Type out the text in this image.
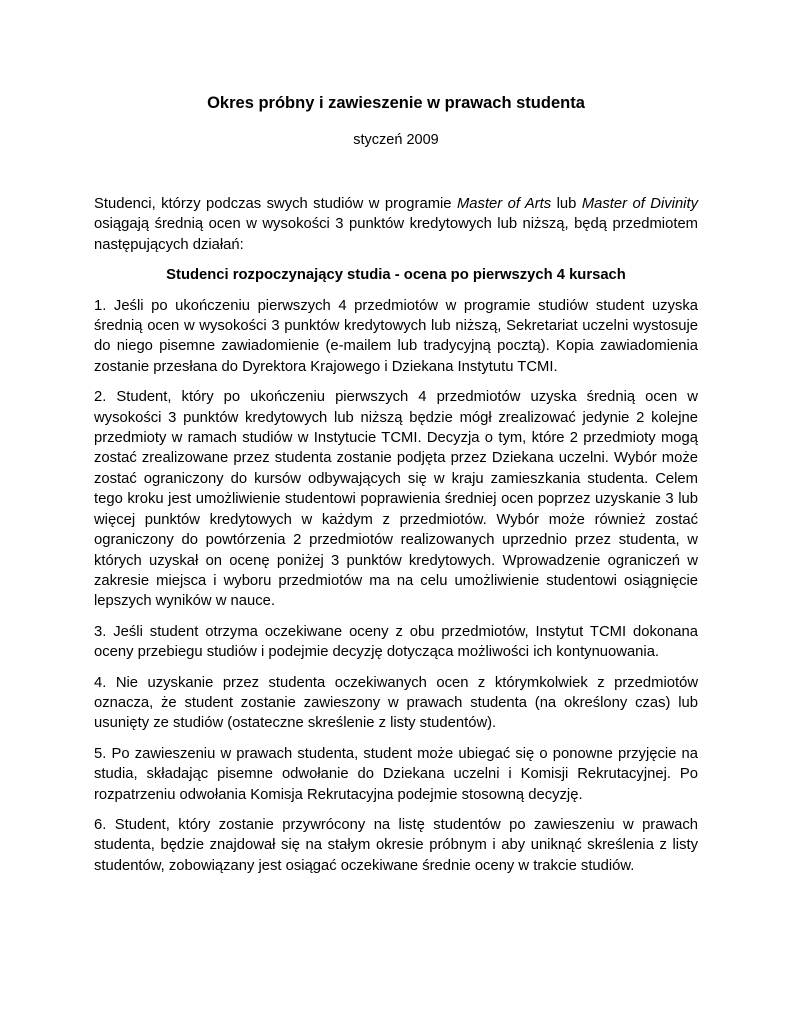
Okres próbny i zawieszenie w prawach studenta
styczeń 2009

Studenci, którzy podczas swych studiów w programie Master of Arts lub Master of Divinity osiągają średnią ocen w wysokości 3 punktów kredytowych lub niższą, będą przedmiotem następujących działań:

Studenci rozpoczynający studia - ocena po pierwszych 4 kursach

1. Jeśli po ukończeniu pierwszych 4 przedmiotów w programie studiów student uzyska średnią ocen w wysokości 3 punktów kredytowych lub niższą, Sekretariat uczelni wystosuje do niego pisemne zawiadomienie (e-mailem lub tradycyjną pocztą). Kopia zawiadomienia zostanie przesłana do Dyrektora Krajowego i Dziekana Instytutu TCMI.

2. Student, który po ukończeniu pierwszych 4 przedmiotów uzyska średnią ocen w wysokości 3 punktów kredytowych lub niższą będzie mógł zrealizować jedynie 2 kolejne przedmioty w ramach studiów w Instytucie TCMI. Decyzja o tym, które 2 przedmioty mogą zostać zrealizowane przez studenta zostanie podjęta przez Dziekana uczelni. Wybór może zostać ograniczony do kursów odbywających się w kraju zamieszkania studenta. Celem tego kroku jest umożliwienie studentowi poprawienia średniej ocen poprzez uzyskanie 3 lub więcej punktów kredytowych w każdym z przedmiotów. Wybór może również zostać ograniczony do powtórzenia 2 przedmiotów realizowanych uprzednio przez studenta, w których uzyskał on ocenę poniżej 3 punktów kredytowych. Wprowadzenie ograniczeń w zakresie miejsca i wyboru przedmiotów ma na celu umożliwienie studentowi osiągnięcie lepszych wyników w nauce.

3. Jeśli student otrzyma oczekiwane oceny z obu przedmiotów, Instytut TCMI dokonana oceny przebiegu studiów i podejmie decyzję dotycząca możliwości ich kontynuowania.

4. Nie uzyskanie przez studenta oczekiwanych ocen z którymkolwiek z przedmiotów oznacza, że student zostanie zawieszony w prawach studenta (na określony czas) lub usunięty ze studiów (ostateczne skreślenie z listy studentów).

5. Po zawieszeniu w prawach studenta, student może ubiegać się o ponowne przyjęcie na studia, składając pisemne odwołanie do Dziekana uczelni i Komisji Rekrutacyjnej. Po rozpatrzeniu odwołania Komisja Rekrutacyjna podejmie stosowną decyzję.

6. Student, który zostanie przywrócony na listę studentów po zawieszeniu w prawach studenta, będzie znajdował się na stałym okresie próbnym i aby uniknąć skreślenia z listy studentów, zobowiązany jest osiągać oczekiwane średnie oceny w trakcie studiów.
